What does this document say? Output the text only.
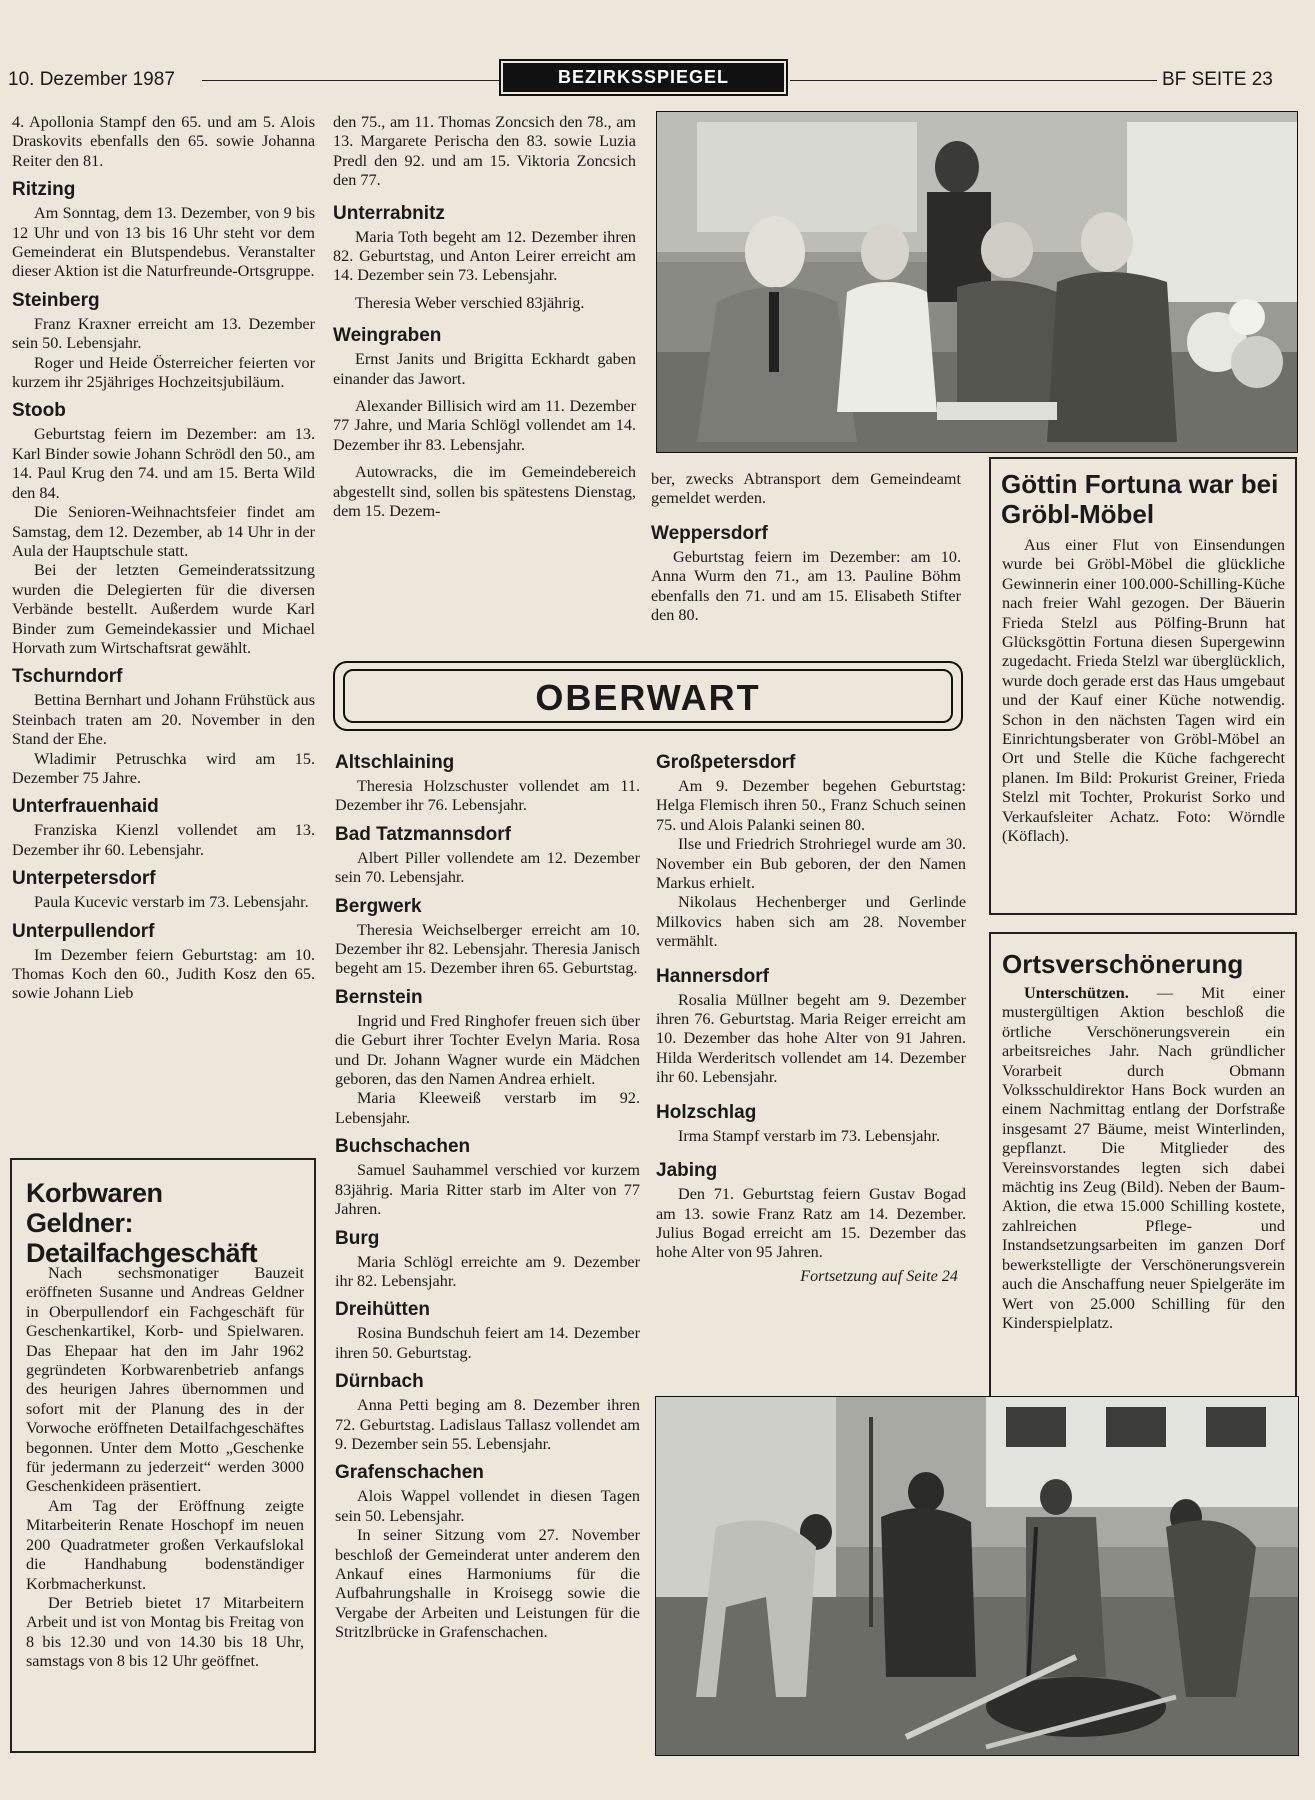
10. Dezember 1987	BEZIRKSSPIEGEL	BF SEITE 23

4. Apollonia Stampf den 65. und am 5. Alois Draskovits ebenfalls den 65. sowie Johanna Reiter den 81.

Ritzing

Am Sonntag, dem 13. Dezember, von 9 bis 12 Uhr und von 13 bis 16 Uhr steht vor dem Gemeinderat ein Blutspendebus. Veranstalter dieser Aktion ist die Naturfreunde-Ortsgruppe.

Steinberg

Franz Kraxner erreicht am 13. Dezember sein 50. Lebensjahr.

Roger und Heide Österreicher feierten vor kurzem ihr 25jähriges Hochzeitsjubiläum.

Stoob

Geburtstag feiern im Dezember: am 13. Karl Binder sowie Johann Schrödl den 50., am 14. Paul Krug den 74. und am 15. Berta Wild den 84.

Die Senioren-Weihnachtsfeier findet am Samstag, dem 12. Dezember, ab 14 Uhr in der Aula der Hauptschule statt.

Bei der letzten Gemeinderatssitzung wurden die Delegierten für die diversen Verbände bestellt. Außerdem wurde Karl Binder zum Gemeindekassier und Michael Horvath zum Wirtschaftsrat gewählt.

Tschurndorf

Bettina Bernhart und Johann Frühstück aus Steinbach traten am 20. November in den Stand der Ehe.

Wladimir Petruschka wird am 15. Dezember 75 Jahre.

Unterfrauenhaid

Franziska Kienzl vollendet am 13. Dezember ihr 60. Lebensjahr.

Unterpetersdorf

Paula Kucevic verstarb im 73. Lebensjahr.

Unterpullendorf

Im Dezember feiern Geburtstag: am 10. Thomas Koch den 60., Judith Kosz den 65. sowie Johann Lieb

Korbwaren Geldner: Detailfachgeschäft

Nach sechsmonatiger Bauzeit eröffneten Susanne und Andreas Geldner in Oberpullendorf ein Fachgeschäft für Geschenkartikel, Korb- und Spielwaren. Das Ehepaar hat den im Jahr 1962 gegründeten Korbwarenbetrieb anfangs des heurigen Jahres übernommen und sofort mit der Planung des in der Vorwoche eröffneten Detailfachgeschäftes begonnen. Unter dem Motto „Geschenke für jedermann zu jederzeit“ werden 3000 Geschenkideen präsentiert.

Am Tag der Eröffnung zeigte Mitarbeiterin Renate Hoschopf im neuen 200 Quadratmeter großen Verkaufslokal die Handhabung bodenständiger Korbmacherkunst.

Der Betrieb bietet 17 Mitarbeitern Arbeit und ist von Montag bis Freitag von 8 bis 12.30 und von 14.30 bis 18 Uhr, samstags von 8 bis 12 Uhr geöffnet.

den 75., am 11. Thomas Zoncsich den 78., am 13. Margarete Perischa den 83. sowie Luzia Predl den 92. und am 15. Viktoria Zoncsich den 77.

Unterrabnitz

Maria Toth begeht am 12. Dezember ihren 82. Geburtstag, und Anton Leirer erreicht am 14. Dezember sein 73. Lebensjahr.

Theresia Weber verschied 83jährig.

Weingraben

Ernst Janits und Brigitta Eckhardt gaben einander das Jawort.

Alexander Billisich wird am 11. Dezember 77 Jahre, und Maria Schlögl vollendet am 14. Dezember ihr 83. Lebensjahr.

Autowracks, die im Gemeindebereich abgestellt sind, sollen bis spätestens Dienstag, dem 15. Dezem-

ber, zwecks Abtransport dem Gemeindeamt gemeldet werden.

Weppersdorf

Geburtstag feiern im Dezember: am 10. Anna Wurm den 71., am 13. Pauline Böhm ebenfalls den 71. und am 15. Elisabeth Stifter den 80.

Göttin Fortuna war bei Gröbl-Möbel

Aus einer Flut von Einsendungen wurde bei Gröbl-Möbel die glückliche Gewinnerin einer 100.000-Schilling-Küche nach freier Wahl gezogen. Der Bäuerin Frieda Stelzl aus Pölfing-Brunn hat Glücksgöttin Fortuna diesen Supergewinn zugedacht. Frieda Stelzl war überglücklich, wurde doch gerade erst das Haus umgebaut und der Kauf einer Küche notwendig. Schon in den nächsten Tagen wird ein Einrichtungsberater von Gröbl-Möbel an Ort und Stelle die Küche fachgerecht planen. Im Bild: Prokurist Greiner, Frieda Stelzl mit Tochter, Prokurist Sorko und Verkaufsleiter Achatz. Foto: Wörndle (Köflach).

OBERWART
Altschlaining

Theresia Holzschuster vollendet am 11. Dezember ihr 76. Lebensjahr.

Bad Tatzmannsdorf

Albert Piller vollendete am 12. Dezember sein 70. Lebensjahr.

Bergwerk

Theresia Weichselberger erreicht am 10. Dezember ihr 82. Lebensjahr. Theresia Janisch begeht am 15. Dezember ihren 65. Geburtstag.

Bernstein

Ingrid und Fred Ringhofer freuen sich über die Geburt ihrer Tochter Evelyn Maria. Rosa und Dr. Johann Wagner wurde ein Mädchen geboren, das den Namen Andrea erhielt.

Maria Kleeweiß verstarb im 92. Lebensjahr.

Buchschachen

Samuel Sauhammel verschied vor kurzem 83jährig. Maria Ritter starb im Alter von 77 Jahren.

Burg

Maria Schlögl erreichte am 9. Dezember ihr 82. Lebensjahr.

Dreihütten

Rosina Bundschuh feiert am 14. Dezember ihren 50. Geburtstag.

Dürnbach

Anna Petti beging am 8. Dezember ihren 72. Geburtstag. Ladislaus Tallasz vollendet am 9. Dezember sein 55. Lebensjahr.

Grafenschachen

Alois Wappel vollendet in diesen Tagen sein 50. Lebensjahr.

In seiner Sitzung vom 27. November beschloß der Gemeinderat unter anderem den Ankauf eines Harmoniums für die Aufbahrungshalle in Kroisegg sowie die Vergabe der Arbeiten und Leistungen für die Stritzlbrücke in Grafenschachen.

Großpetersdorf

Am 9. Dezember begehen Geburtstag: Helga Flemisch ihren 50., Franz Schuch seinen 75. und Alois Palanki seinen 80.

Ilse und Friedrich Strohriegel wurde am 30. November ein Bub geboren, der den Namen Markus erhielt.

Nikolaus Hechenberger und Gerlinde Milkovics haben sich am 28. November vermählt.

Hannersdorf

Rosalia Müllner begeht am 9. Dezember ihren 76. Geburtstag. Maria Reiger erreicht am 10. Dezember das hohe Alter von 91 Jahren. Hilda Werderitsch vollendet am 14. Dezember ihr 60. Lebensjahr.

Holzschlag

Irma Stampf verstarb im 73. Lebensjahr.

Jabing

Den 71. Geburtstag feiern Gustav Bogad am 13. sowie Franz Ratz am 14. Dezember. Julius Bogad erreicht am 15. Dezember das hohe Alter von 95 Jahren.

Fortsetzung auf Seite 24
Ortsverschönerung

Unterschützen. — Mit einer mustergültigen Aktion beschloß die örtliche Verschönerungsverein ein arbeitsreiches Jahr. Nach gründlicher Vorarbeit durch Obmann Volksschuldirektor Hans Bock wurden an einem Nachmittag entlang der Dorfstraße insgesamt 27 Bäume, meist Winterlinden, gepflanzt. Die Mitglieder des Vereinsvorstandes legten sich dabei mächtig ins Zeug (Bild). Neben der Baum-Aktion, die etwa 15.000 Schilling kostete, zahlreichen Pflege- und Instandsetzungsarbeiten im ganzen Dorf bewerkstelligte der Verschönerungsverein auch die Anschaffung neuer Spielgeräte im Wert von 25.000 Schilling für den Kinderspielplatz.
